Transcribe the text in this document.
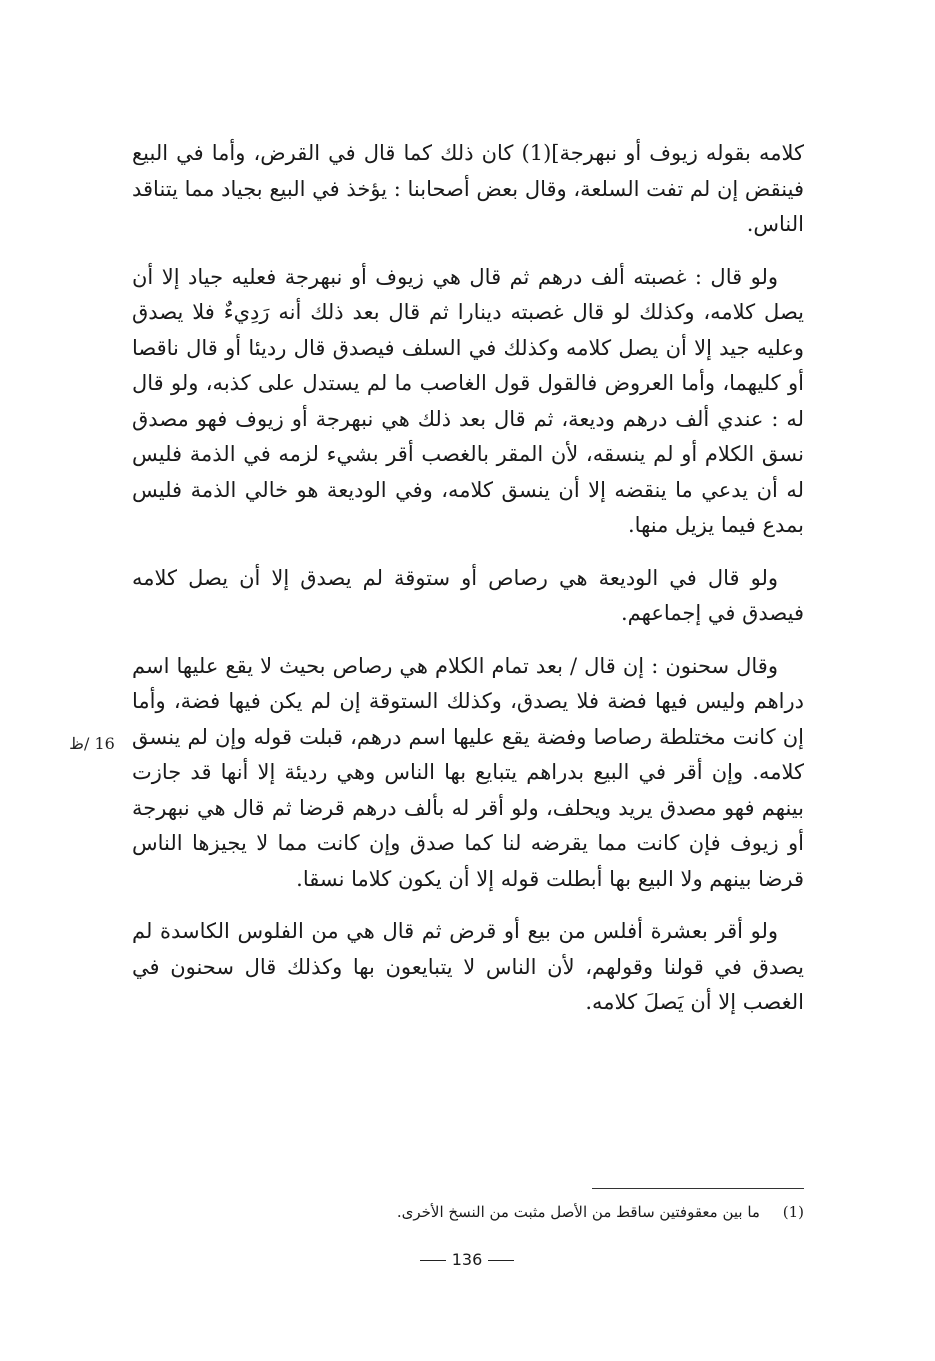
كلامه بقوله زيوف أو نبهرجة](1) كان ذلك كما قال في القرض، وأما في البيع فينقض إن لم تفت السلعة، وقال بعض أصحابنا : يؤخذ في البيع بجياد مما يتناقد الناس.

ولو قال : غصبته ألف درهم ثم قال هي زيوف أو نبهرجة فعليه جياد إلا أن يصل كلامه، وكذلك لو قال غصبته دينارا ثم قال بعد ذلك أنه رَدِيءٌ فلا يصدق وعليه جيد إلا أن يصل كلامه وكذلك في السلف فيصدق قال رديئا أو قال ناقصا أو كليهما، وأما العروض فالقول قول الغاصب ما لم يستدل على كذبه، ولو قال له : عندي ألف درهم وديعة، ثم قال بعد ذلك هي نبهرجة أو زيوف فهو مصدق نسق الكلام أو لم ينسقه، لأن المقر بالغصب أقر بشيء لزمه في الذمة فليس له أن يدعي ما ينقضه إلا أن ينسق كلامه، وفي الوديعة هو خالي الذمة فليس بمدع فيما يزيل منها.

ولو قال في الوديعة هي رصاص أو ستوقة لم يصدق إلا أن يصل كلامه فيصدق في إجماعهم.

وقال سحنون : إن قال / بعد تمام الكلام هي رصاص بحيث لا يقع عليها اسم دراهم وليس فيها فضة فلا يصدق، وكذلك الستوقة إن لم يكن فيها فضة، وأما إن كانت مختلطة رصاصا وفضة يقع عليها اسم درهم، قبلت قوله وإن لم ينسق كلامه. وإن أقر في البيع بدراهم يتبايع بها الناس وهي رديئة إلا أنها قد جازت بينهم فهو مصدق يريد ويحلف، ولو أقر له بألف درهم قرضا ثم قال هي نبهرجة أو زيوف فإن كانت مما يقرضه لنا كما صدق وإن كانت مما لا يجيزها الناس قرضا بينهم ولا البيع بها أبطلت قوله إلا أن يكون كلاما نسقا.

ولو أقر بعشرة أفلس من بيع أو قرض ثم قال هي من الفلوس الكاسدة لم يصدق في قولنا وقولهم، لأن الناس لا يتبايعون بها وكذلك قال سحنون في الغصب إلا أن يَصلَ كلامه.

16 /ظ
(1) ما بين معقوفتين ساقط من الأصل مثبت من النسخ الأخرى.
136
